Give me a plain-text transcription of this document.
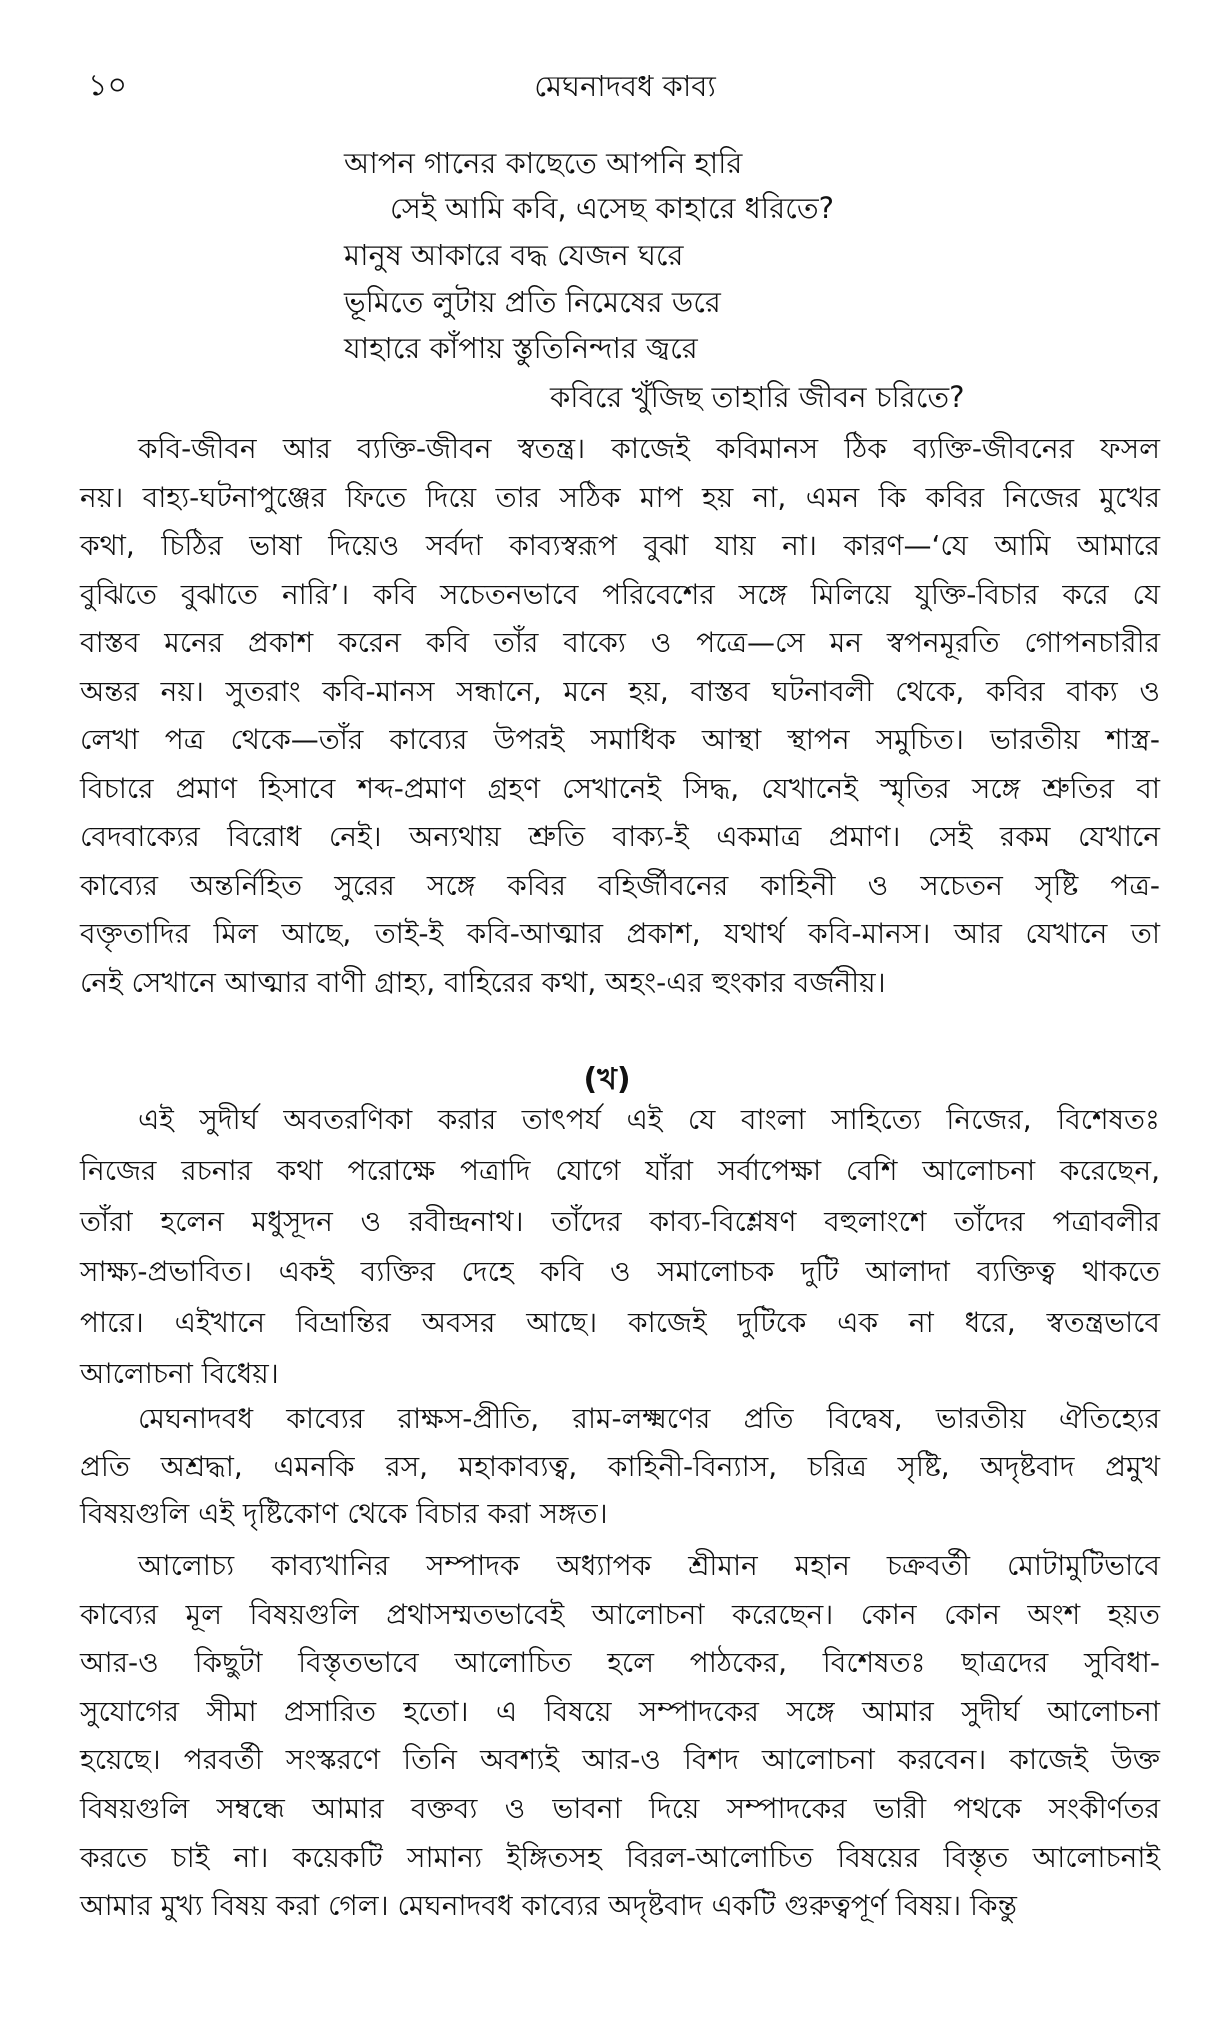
১০	মেঘনাদবধ কাব্য
আপন গানের কাছেতে আপনি হারি
সেই আমি কবি, এসেছ কাহারে ধরিতে?
মানুষ আকারে বদ্ধ যেজন ঘরে
ভূমিতে লুটায় প্রতি নিমেষের ডরে
যাহারে কাঁপায় স্তুতিনিন্দার জ্বরে
কবিরে খুঁজিছ তাহারি জীবন চরিতে?
কবি-জীবন আর ব্যক্তি-জীবন স্বতন্ত্র। কাজেই কবিমানস ঠিক ব্যক্তি-জীবনের ফসল
নয়। বাহ্য-ঘটনাপুঞ্জের ফিতে দিয়ে তার সঠিক মাপ হয় না, এমন কি কবির নিজের মুখের
কথা, চিঠির ভাষা দিয়েও সর্বদা কাব্যস্বরূপ বুঝা যায় না। কারণ—‘যে আমি আমারে
বুঝিতে বুঝাতে নারি’। কবি সচেতনভাবে পরিবেশের সঙ্গে মিলিয়ে যুক্তি-বিচার করে যে
বাস্তব মনের প্রকাশ করেন কবি তাঁর বাক্যে ও পত্রে—সে মন স্বপনমূরতি গোপনচারীর
অন্তর নয়। সুতরাং কবি-মানস সন্ধানে, মনে হয়, বাস্তব ঘটনাবলী থেকে, কবির বাক্য ও
লেখা পত্র থেকে—তাঁর কাব্যের উপরই সমাধিক আস্থা স্থাপন সমুচিত। ভারতীয় শাস্ত্র-
বিচারে প্রমাণ হিসাবে শব্দ-প্রমাণ গ্রহণ সেখানেই সিদ্ধ, যেখানেই স্মৃতির সঙ্গে শ্রুতির বা
বেদবাক্যের বিরোধ নেই। অন্যথায় শ্রুতি বাক্য-ই একমাত্র প্রমাণ। সেই রকম যেখানে
কাব্যের অন্তর্নিহিত সুরের সঙ্গে কবির বহির্জীবনের কাহিনী ও সচেতন সৃষ্টি পত্র-
বক্তৃতাদির মিল আছে, তাই-ই কবি-আত্মার প্রকাশ, যথার্থ কবি-মানস। আর যেখানে তা
নেই সেখানে আত্মার বাণী গ্রাহ্য, বাহিরের কথা, অহং-এর হুংকার বর্জনীয়।
(খ)
এই সুদীর্ঘ অবতরণিকা করার তাৎপর্য এই যে বাংলা সাহিত্যে নিজের, বিশেষতঃ
নিজের রচনার কথা পরোক্ষে পত্রাদি যোগে যাঁরা সর্বাপেক্ষা বেশি আলোচনা করেছেন,
তাঁরা হলেন মধুসূদন ও রবীন্দ্রনাথ। তাঁদের কাব্য-বিশ্লেষণ বহুলাংশে তাঁদের পত্রাবলীর
সাক্ষ্য-প্রভাবিত। একই ব্যক্তির দেহে কবি ও সমালোচক দুটি আলাদা ব্যক্তিত্ব থাকতে
পারে। এইখানে বিভ্রান্তির অবসর আছে। কাজেই দুটিকে এক না ধরে, স্বতন্ত্রভাবে
আলোচনা বিধেয়।
মেঘনাদবধ কাব্যের রাক্ষস-প্রীতি, রাম-লক্ষ্মণের প্রতি বিদ্বেষ, ভারতীয় ঐতিহ্যের
প্রতি অশ্রদ্ধা, এমনকি রস, মহাকাব্যত্ব, কাহিনী-বিন্যাস, চরিত্র সৃষ্টি, অদৃষ্টবাদ প্রমুখ
বিষয়গুলি এই দৃষ্টিকোণ থেকে বিচার করা সঙ্গত।
আলোচ্য কাব্যখানির সম্পাদক অধ্যাপক শ্রীমান মহান চক্রবর্তী মোটামুটিভাবে
কাব্যের মূল বিষয়গুলি প্রথাসম্মতভাবেই আলোচনা করেছেন। কোন কোন অংশ হয়ত
আর-ও কিছুটা বিস্তৃতভাবে আলোচিত হলে পাঠকের, বিশেষতঃ ছাত্রদের সুবিধা-
সুযোগের সীমা প্রসারিত হতো। এ বিষয়ে সম্পাদকের সঙ্গে আমার সুদীর্ঘ আলোচনা
হয়েছে। পরবর্তী সংস্করণে তিনি অবশ্যই আর-ও বিশদ আলোচনা করবেন। কাজেই উক্ত
বিষয়গুলি সম্বন্ধে আমার বক্তব্য ও ভাবনা দিয়ে সম্পাদকের ভারী পথকে সংকীর্ণতর
করতে চাই না। কয়েকটি সামান্য ইঙ্গিতসহ বিরল-আলোচিত বিষয়ের বিস্তৃত আলোচনাই
আমার মুখ্য বিষয় করা গেল। মেঘনাদবধ কাব্যের অদৃষ্টবাদ একটি গুরুত্বপূর্ণ বিষয়। কিন্তু
